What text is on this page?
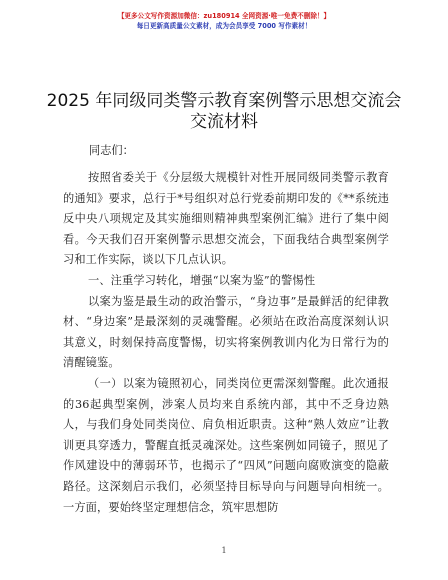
【更多公文写作资源加微信：zu180914 全网资源·唯一免费不删除！】
每日更新高质量公文素材，成为会员享受 7000 写作素材！
2025 年同级同类警示教育案例警示思想交流会
交流材料
同志们：

按照省委关于《分层级大规模针对性开展同级同类警示教育的通知》要求，总行于*号组织对总行党委前期印发的《**系统违反中央八项规定及其实施细则精神典型案例汇编》进行了集中阅看。今天我们召开案例警示思想交流会，下面我结合典型案例学习和工作实际，谈以下几点认识。

一、注重学习转化，增强“以案为鉴”的警惕性

以案为鉴是最生动的政治警示，“身边事”是最鲜活的纪律教材、“身边案”是最深刻的灵魂警醒。必须站在政治高度深刻认识其意义，时刻保持高度警惕，切实将案例教训内化为日常行为的清醒镜鉴。

（一）以案为镜照初心，同类岗位更需深刻警醒。此次通报的36起典型案例，涉案人员均来自系统内部，其中不乏身边熟人，与我们身处同类岗位、肩负相近职责。这种“熟人效应”让教训更具穿透力，警醒直抵灵魂深处。这些案例如同镜子，照见了作风建设中的薄弱环节，也揭示了“四风”问题向腐败演变的隐蔽路径。这深刻启示我们，必须坚持目标导向与问题导向相统一。一方面，要始终坚定理想信念，筑牢思想防

1
